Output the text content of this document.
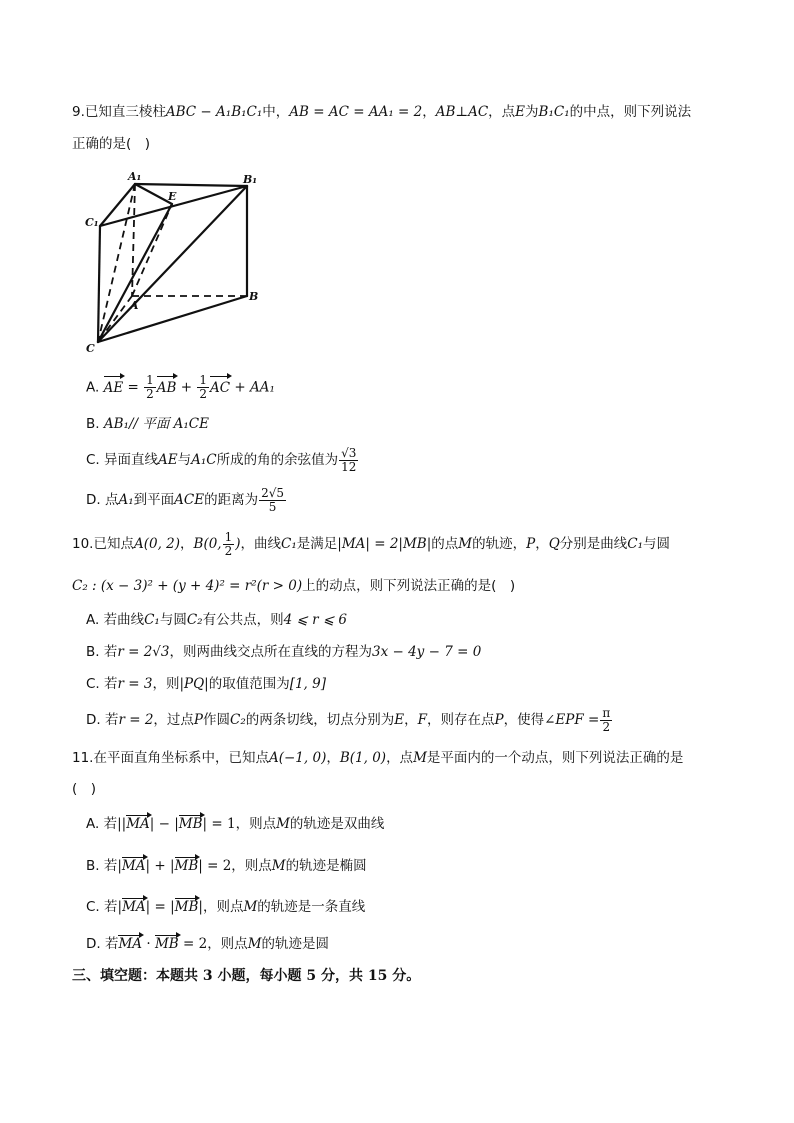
9.已知直三棱柱ABC − A₁B₁C₁中，AB = AC = AA₁ = 2，AB⊥AC，点E为B₁C₁的中点，则下列说法
正确的是(　)
A₁	B₁
C₁
E
A
B
C
A. AE = $\frac{1}{2}$ AB + $\frac{1}{2}$ AC + AA₁
B. AB₁// 平面 A₁CE
C. 异面直线AE与A₁C所成的角的余弦值为 $\frac{√3}{12}$
D. 点A₁到平面ACE的距离为 $\frac{2√5}{5}$
10.已知点A(0, 2)，B(0, $\frac{1}{2}$ )，曲线C₁是满足|MA| = 2|MB|的点M的轨迹，P，Q分别是曲线C₁与圆
C₂ : (x − 3)² + (y + 4)² = r²(r > 0)上的动点，则下列说法正确的是(　)
A. 若曲线C₁与圆C₂有公共点，则4 ⩽ r ⩽ 6
B. 若r = 2√3，则两曲线交点所在直线的方程为3x − 4y − 7 = 0
C. 若r = 3，则|PQ|的取值范围为[1, 9]
D. 若r = 2，过点P作圆C₂的两条切线，切点分别为E，F，则存在点P，使得∠EPF = $\frac{\pi}{2}$
11.在平面直角坐标系中，已知点A(−1, 0)，B(1, 0)，点M是平面内的一个动点，则下列说法正确的是
(　)
A. 若||MA| − |MB| = 1，则点M的轨迹是双曲线
B. 若|MA| + |MB| = 2，则点M的轨迹是椭圆
C. 若|MA| = |MB|，则点M的轨迹是一条直线
D. 若MA · MB = 2，则点M的轨迹是圆
三、填空题：本题共 3 小题，每小题 5 分，共 15 分。
